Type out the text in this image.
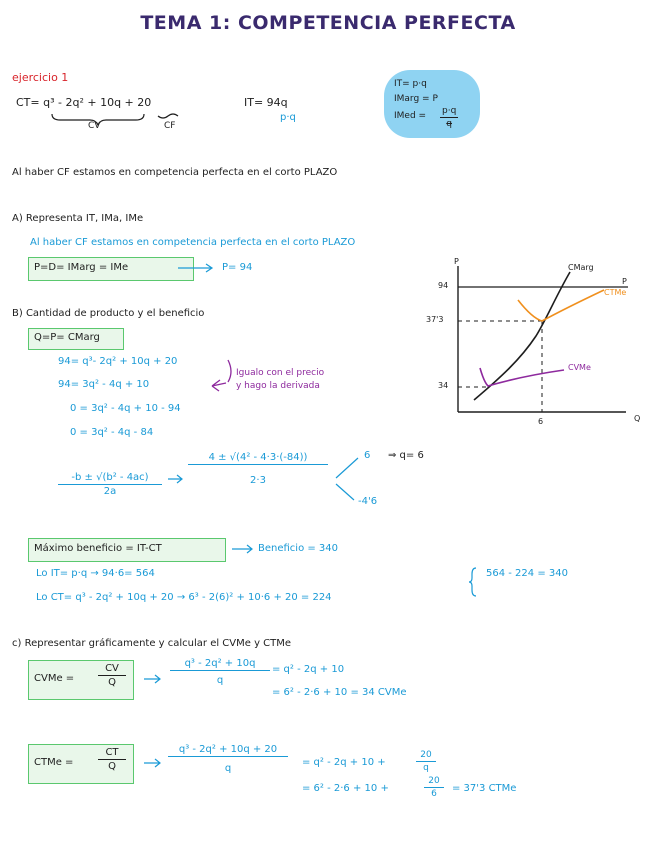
TEMA 1: COMPETENCIA PERFECTA
ejercicio 1
CT= q³ - 2q² + 10q + 20
CV	CF
IT= 94q
p·q
IT= p·q
IMarg = P
IMed = $\frac{p\cdot q}{q}$
Al haber CF estamos en competencia perfecta en el corto PLAZO
A) Representa IT, IMa, IMe
Al haber CF estamos en competencia perfecta en el corto PLAZO
P=D= IMarg = IMe	P= 94
B) Cantidad de producto y el beneficio
Q=P= CMarg
94= q³- 2q² + 10q + 20
94= 3q² - 4q + 10
0 = 3q² - 4q + 10 - 94
0 = 3q² - 4q - 84
Igualo con el precio
y hago la derivada
$\frac{\text{-b ± √(b² - 4ac)}}{2a}$	$\frac{\text{4 ± √(4² - 4·3·(-84))}}{2\cdot 3}$	6 ⇒ q= 6
-4'6
Máximo beneficio = IT-CT	Beneficio = 340
Lo IT= p·q → 94·6= 564
Lo CT= q³ - 2q² + 10q + 20 → 6³ - 2(6)² + 10·6 + 20 = 224
564 - 224 = 340
c) Representar gráficamente y calcular el CVMe y CTMe
CVMe = $\frac{CV}{Q}$	$\frac{\text{q³ - 2q² + 10q}}{q} = q^2 - 2q + 10$
= 6² - 2·6 + 10 = 34 CVMe
CTMe = $\frac{CT}{Q}$	$\frac{\text{q³ - 2q² + 10q + 20}}{q} = q^2 - 2q + 10$ +	$\frac{20}{q}$
= 6² - 2·6 + 10 +	$\frac{20}{6} = 37'3$ CTMe
P
Q
94
37'3
34
6
CMarg
P
CTMe
CVMe
